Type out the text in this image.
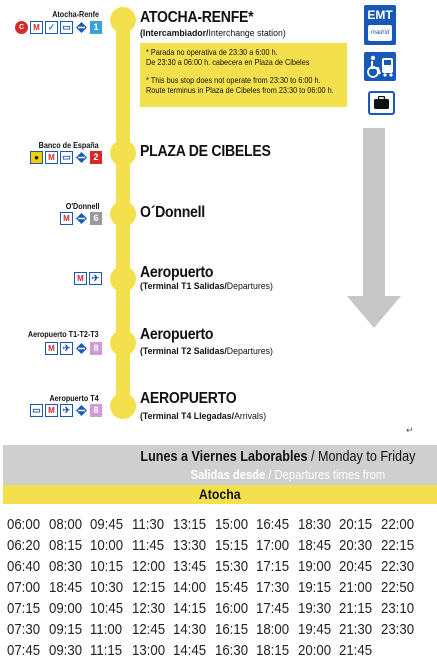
Atocha-Renfe
C	M ✓ ▭	1
ATOCHA-RENFE*
(Intercambiador/Interchange station)

* Parada no operativa de 23:30 a 6:00 h.

De 23:30 a 06:00 h. cabecera en Plaza de Cibeles

* This bus stop does not operate from 23:30 to 6:00 h.

Route terminus in Plaza de Cibeles from 23:30 to 06:00 h.

Banco de España
●	M ▭	2	PLAZA DE CIBELES
O'Donnell
M	6	O´Donnell
M ✈	Aeropuerto
(Terminal T1 Salidas/Departures)
Aeropuerto T1-T2-T3
M ✈	8
Aeropuerto
(Terminal T2 Salidas/Departures)
Aeropuerto T4
▭ M ✈	8
AEROPUERTO
(Terminal T4 Llegadas/Arrivals)
EMT
madrid
↵
Lunes a Viernes Laborables / Monday to Friday
Salidas desde / Departures times from
Atocha
06:00 08:00 09:45 11:30 13:15 15:00 16:45 18:30 20:15 22:00
06:20 08:15 10:00 11:45 13:30 15:15 17:00 18:45 20:30 22:15
06:40 08:30 10:15 12:00 13:45 15:30 17:15 19:00 20:45 22:30
07:00 18:45 10:30 12:15 14:00 15:45 17:30 19:15 21:00 22:50
07:15 09:00 10:45 12:30 14:15 16:00 17:45 19:30 21:15 23:10
07:30 09:15 11:00 12:45 14:30 16:15 18:00 19:45 21:30 23:30
07:45 09:30 11:15 13:00 14:45 16:30 18:15 20:00 21:45
